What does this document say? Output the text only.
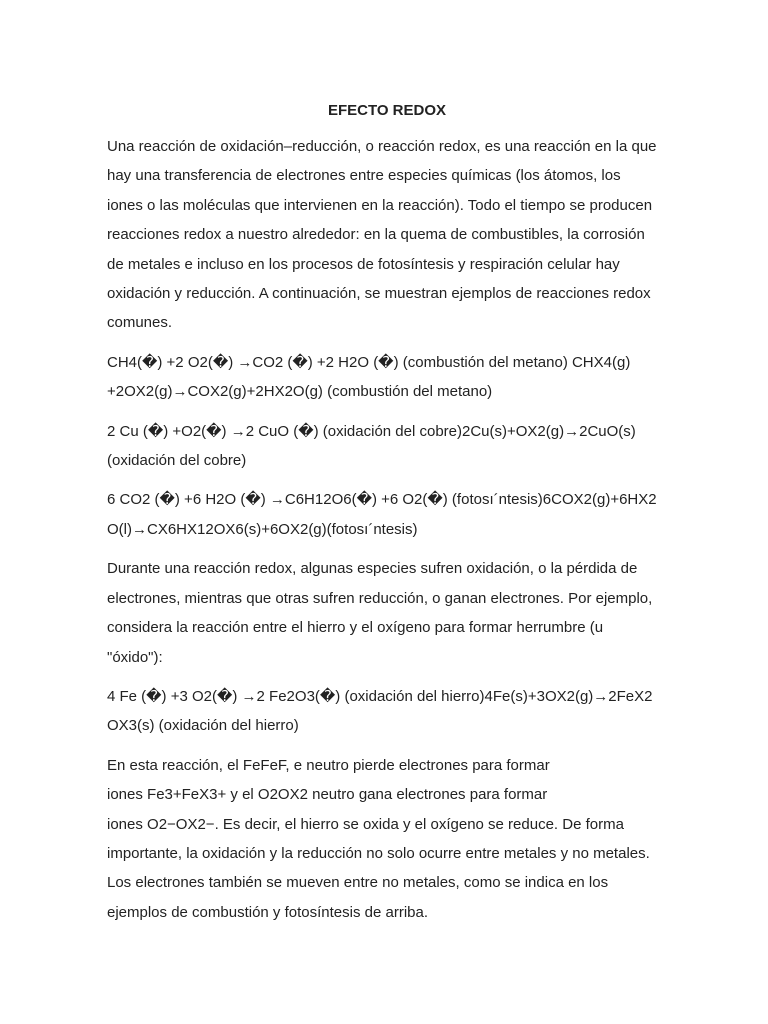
EFECTO REDOX

Una reacción de oxidación–reducción, o reacción redox, es una reacción en la que
hay una transferencia de electrones entre especies químicas (los átomos, los
iones o las moléculas que intervienen en la reacción). Todo el tiempo se producen
reacciones redox a nuestro alrededor: en la quema de combustibles, la corrosión
de metales e incluso en los procesos de fotosíntesis y respiración celular hay
oxidación y reducción. A continuación, se muestran ejemplos de reacciones redox
comunes.

CH4(�) +2 O2(�) →CO2 (�) +2 H2O (�) (combustión del metano) CHX4(g)
+2OX2(g)→COX2(g)+2HX2O(g) (combustión del metano)

2 Cu (�) +O2(�) →2 CuO (�) (oxidación del cobre)2Cu(s)+OX2(g)→2CuO(s)
(oxidación del cobre)

6 CO2 (�) +6 H2O (�) →C6H12O6(�) +6 O2(�) (fotosı´ntesis)6COX2(g)+6HX2
O(l)→CX6HX12OX6(s)+6OX2(g)(fotosı´ntesis)

Durante una reacción redox, algunas especies sufren oxidación, o la pérdida de
electrones, mientras que otras sufren reducción, o ganan electrones. Por ejemplo,
considera la reacción entre el hierro y el oxígeno para formar herrumbre (u
"óxido"):

4 Fe (�) +3 O2(�) →2 Fe2O3(�) (oxidación del hierro)4Fe(s)+3OX2(g)→2FeX2
OX3(s) (oxidación del hierro)

En esta reacción, el FeFeF, e neutro pierde electrones para formar
iones Fe3+FeX3+ y el O2OX2 neutro gana electrones para formar
iones O2−OX2−. Es decir, el hierro se oxida y el oxígeno se reduce. De forma
importante, la oxidación y la reducción no solo ocurre entre metales y no metales.
Los electrones también se mueven entre no metales, como se indica en los
ejemplos de combustión y fotosíntesis de arriba.
